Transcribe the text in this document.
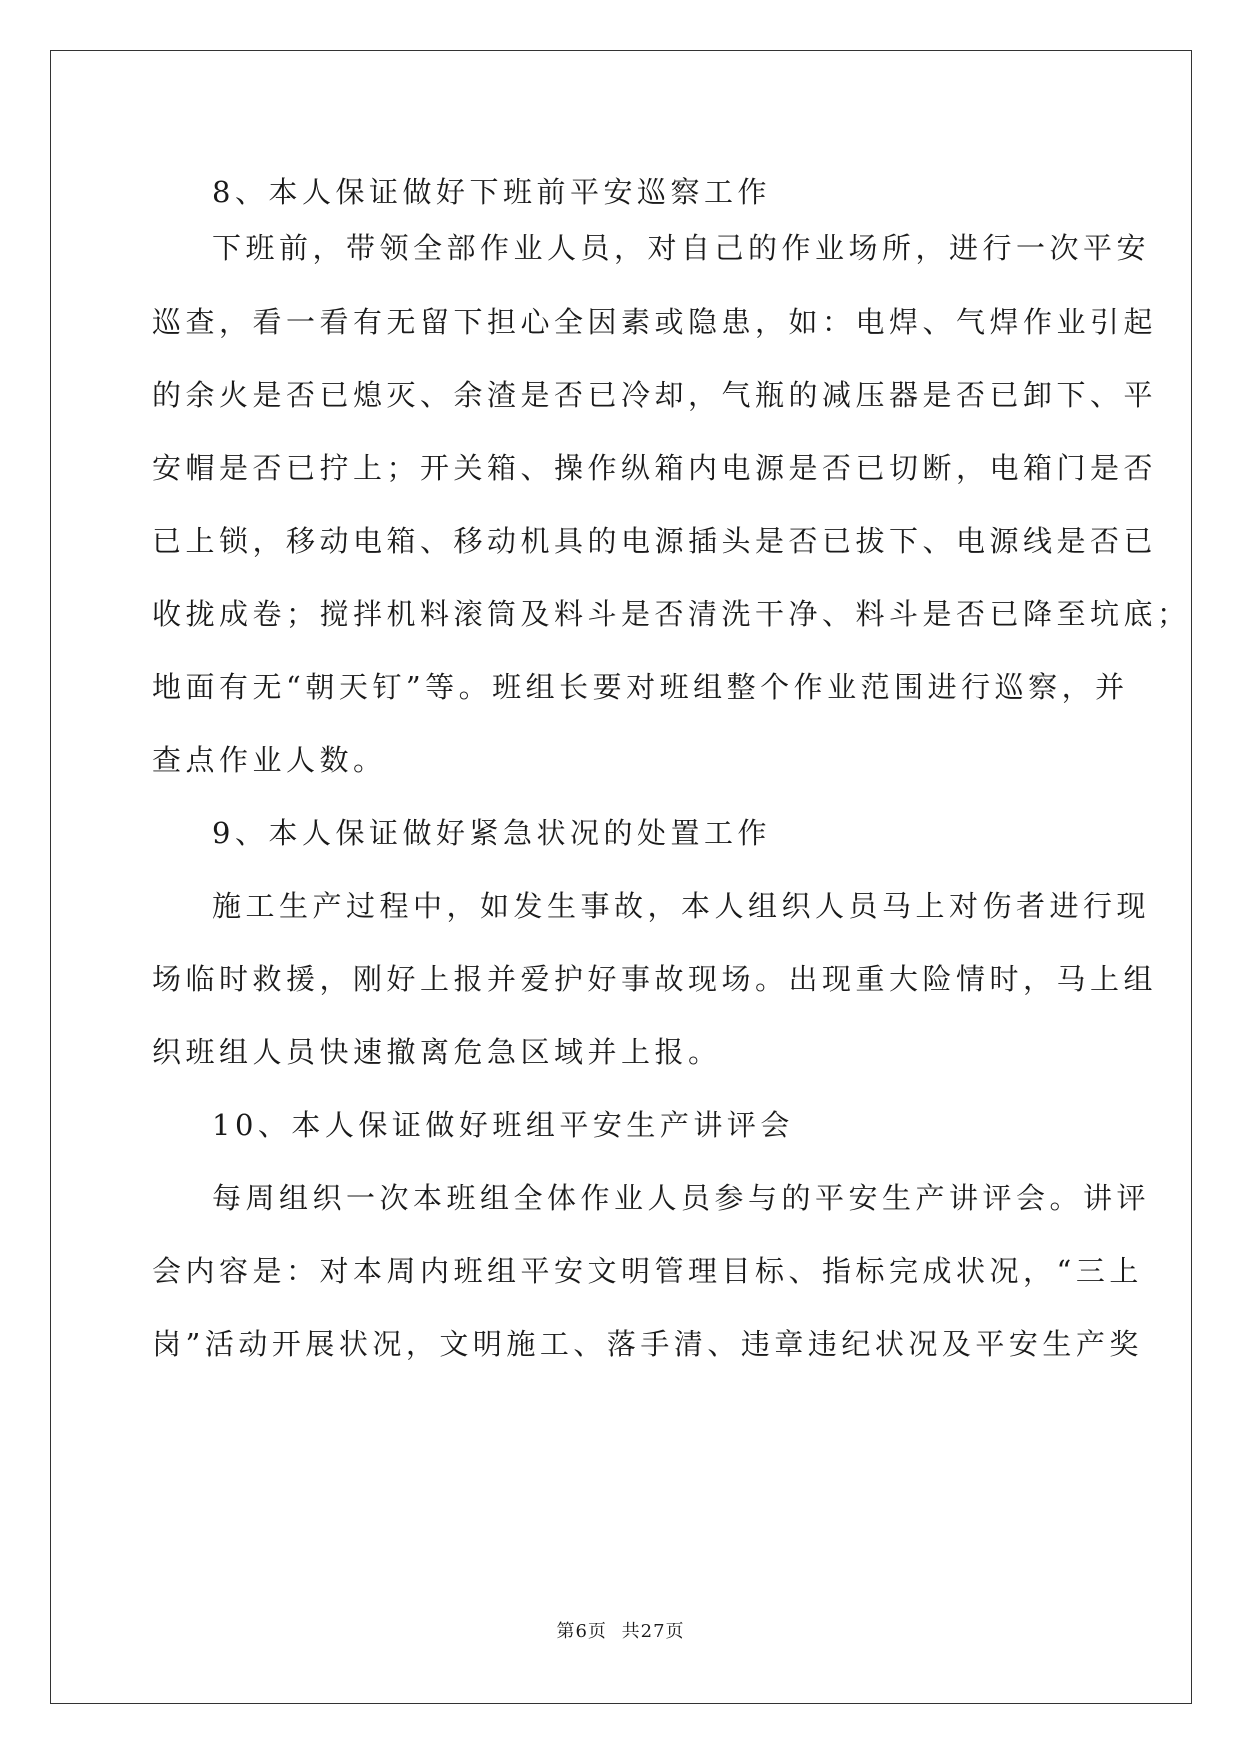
8、本人保证做好下班前平安巡察工作

下班前，带领全部作业人员，对自己的作业场所，进行一次平安

巡查，看一看有无留下担心全因素或隐患，如：电焊、气焊作业引起

的余火是否已熄灭、余渣是否已冷却，气瓶的减压器是否已卸下、平

安帽是否已拧上；开关箱、操作纵箱内电源是否已切断，电箱门是否

已上锁，移动电箱、移动机具的电源插头是否已拔下、电源线是否已

收拢成卷；搅拌机料滚筒及料斗是否清洗干净、料斗是否已降至坑底；

地面有无“朝天钉”等。班组长要对班组整个作业范围进行巡察，并

查点作业人数。

9、本人保证做好紧急状况的处置工作

施工生产过程中，如发生事故，本人组织人员马上对伤者进行现

场临时救援，刚好上报并爱护好事故现场。出现重大险情时，马上组

织班组人员快速撤离危急区域并上报。

10、本人保证做好班组平安生产讲评会

每周组织一次本班组全体作业人员参与的平安生产讲评会。讲评

会内容是：对本周内班组平安文明管理目标、指标完成状况，“三上

岗”活动开展状况，文明施工、落手清、违章违纪状况及平安生产奖

第6页 共27页
